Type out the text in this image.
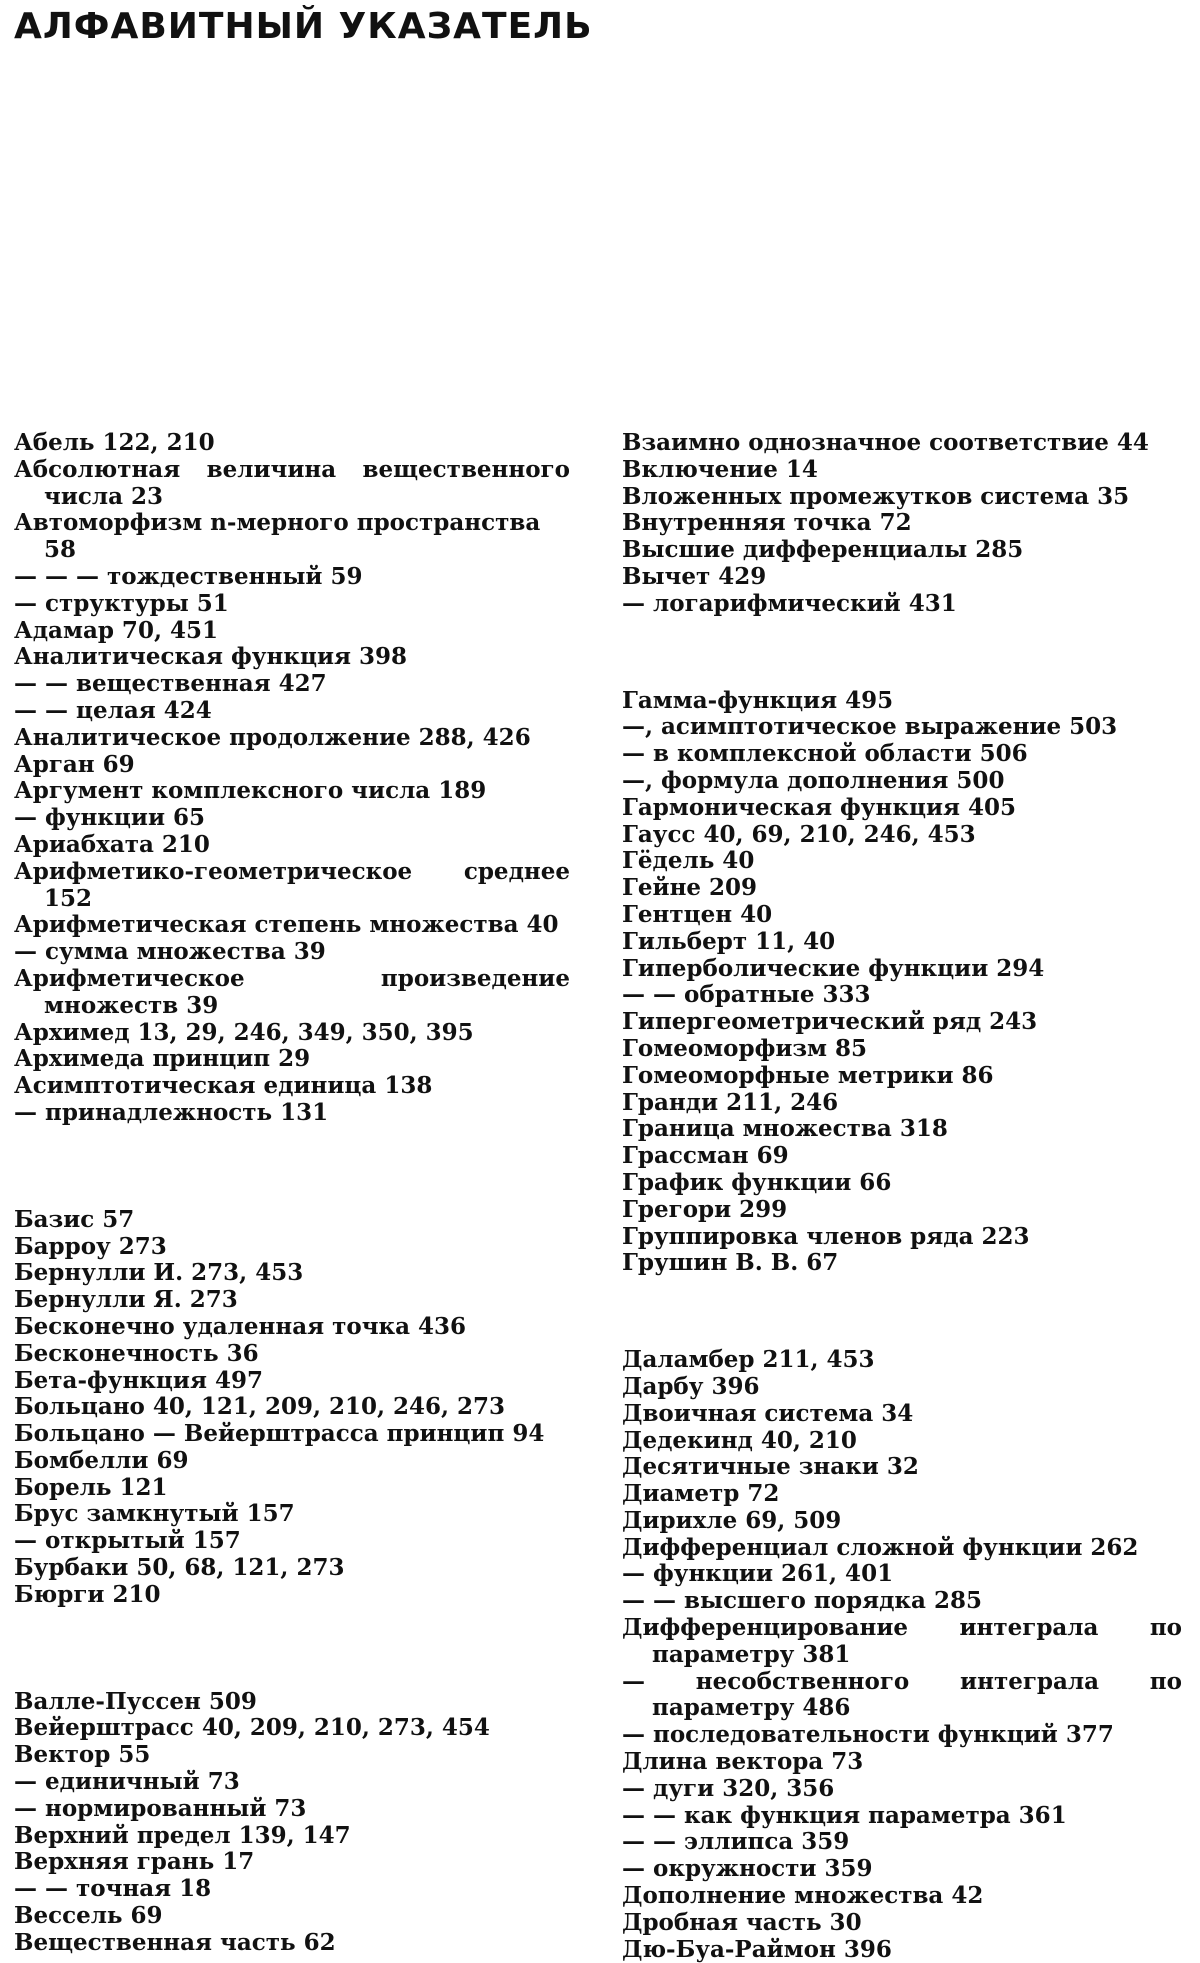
АЛФАВИТНЫЙ УКАЗАТЕЛЬ
Абель 122, 210
Абсолютная величина вещественного числа 23
Автоморфизм n-мерного пространства 58
— — — тождественный 59
— структуры 51
Адамар 70, 451
Аналитическая функция 398
— — вещественная 427
— — целая 424
Аналитическое продолжение 288, 426
Арган 69
Аргумент комплексного числа 189
— функции 65
Ариабхата 210
Арифметико-геометрическое среднее 152
Арифметическая степень множества 40
— сумма множества 39
Арифметическое произведение множеств 39
Архимед 13, 29, 246, 349, 350, 395
Архимеда принцип 29
Асимптотическая единица 138
— принадлежность 131
Базис 57
Барроу 273
Бернулли И. 273, 453
Бернулли Я. 273
Бесконечно удаленная точка 436
Бесконечность 36
Бета-функция 497
Больцано 40, 121, 209, 210, 246, 273
Больцано — Вейерштрасса принцип 94
Бомбелли 69
Борель 121
Брус замкнутый 157
— открытый 157
Бурбаки 50, 68, 121, 273
Бюрги 210
Валле-Пуссен 509
Вейерштрасс 40, 209, 210, 273, 454
Вектор 55
— единичный 73
— нормированный 73
Верхний предел 139, 147
Верхняя грань 17
— — точная 18
Вессель 69
Вещественная часть 62
Взаимно однозначное соответствие 44
Включение 14
Вложенных промежутков система 35
Внутренняя точка 72
Высшие дифференциалы 285
Вычет 429
— логарифмический 431
Гамма-функция 495
—, асимптотическое выражение 503
— в комплексной области 506
—, формула дополнения 500
Гармоническая функция 405
Гаусс 40, 69, 210, 246, 453
Гёдель 40
Гейне 209
Гентцен 40
Гильберт 11, 40
Гиперболические функции 294
— — обратные 333
Гипергеометрический ряд 243
Гомеоморфизм 85
Гомеоморфные метрики 86
Гранди 211, 246
Граница множества 318
Грассман 69
График функции 66
Грегори 299
Группировка членов ряда 223
Грушин В. В. 67
Даламбер 211, 453
Дарбу 396
Двоичная система 34
Дедекинд 40, 210
Десятичные знаки 32
Диаметр 72
Дирихле 69, 509
Дифференциал сложной функции 262
— функции 261, 401
— — высшего порядка 285
Дифференцирование интеграла по параметру 381
— несобственного интеграла по параметру 486
— последовательности функций 377
Длина вектора 73
— дуги 320, 356
— — как функция параметра 361
— — эллипса 359
— окружности 359
Дополнение множества 42
Дробная часть 30
Дю-Буа-Раймон 396
